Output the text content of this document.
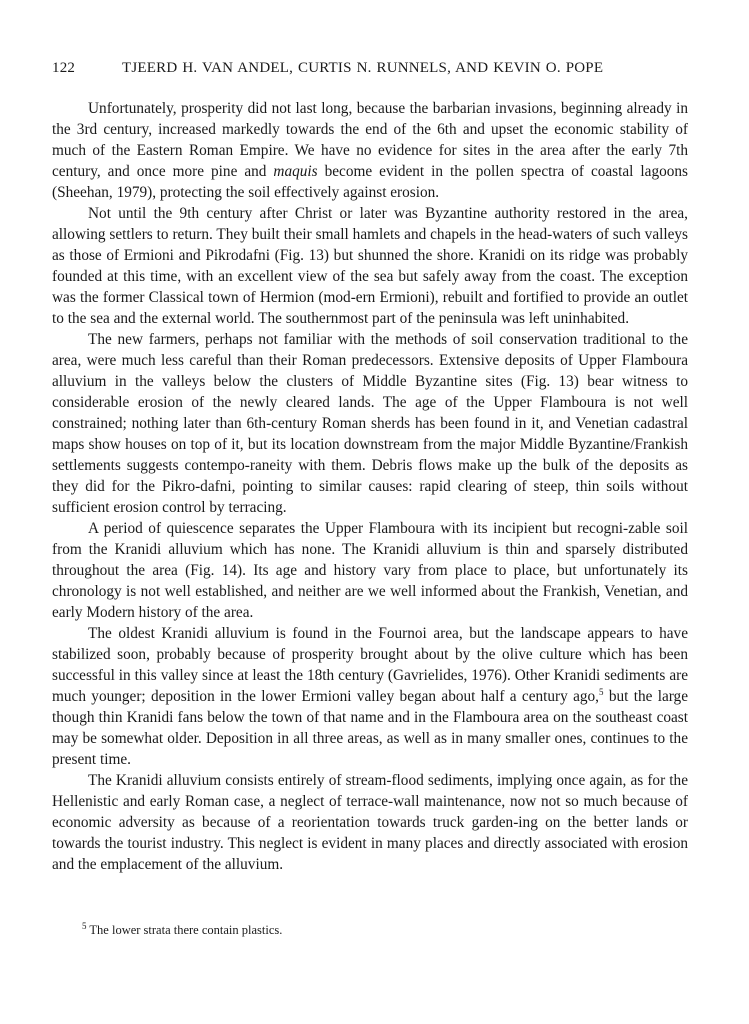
122	TJEERD H. VAN ANDEL, CURTIS N. RUNNELS, AND KEVIN O. POPE

Unfortunately, prosperity did not last long, because the barbarian invasions, beginning already in the 3rd century, increased markedly towards the end of the 6th and upset the economic stability of much of the Eastern Roman Empire. We have no evidence for sites in the area after the early 7th century, and once more pine and maquis become evident in the pollen spectra of coastal lagoons (Sheehan, 1979), protecting the soil effectively against erosion.

Not until the 9th century after Christ or later was Byzantine authority restored in the area, allowing settlers to return. They built their small hamlets and chapels in the head-waters of such valleys as those of Ermioni and Pikrodafni (Fig. 13) but shunned the shore. Kranidi on its ridge was probably founded at this time, with an excellent view of the sea but safely away from the coast. The exception was the former Classical town of Hermion (mod-ern Ermioni), rebuilt and fortified to provide an outlet to the sea and the external world. The southernmost part of the peninsula was left uninhabited.

The new farmers, perhaps not familiar with the methods of soil conservation traditional to the area, were much less careful than their Roman predecessors. Extensive deposits of Upper Flamboura alluvium in the valleys below the clusters of Middle Byzantine sites (Fig. 13) bear witness to considerable erosion of the newly cleared lands. The age of the Upper Flamboura is not well constrained; nothing later than 6th-century Roman sherds has been found in it, and Venetian cadastral maps show houses on top of it, but its location downstream from the major Middle Byzantine/Frankish settlements suggests contempo-raneity with them. Debris flows make up the bulk of the deposits as they did for the Pikro-dafni, pointing to similar causes: rapid clearing of steep, thin soils without sufficient erosion control by terracing.

A period of quiescence separates the Upper Flamboura with its incipient but recogni-zable soil from the Kranidi alluvium which has none. The Kranidi alluvium is thin and sparsely distributed throughout the area (Fig. 14). Its age and history vary from place to place, but unfortunately its chronology is not well established, and neither are we well informed about the Frankish, Venetian, and early Modern history of the area.

The oldest Kranidi alluvium is found in the Fournoi area, but the landscape appears to have stabilized soon, probably because of prosperity brought about by the olive culture which has been successful in this valley since at least the 18th century (Gavrielides, 1976). Other Kranidi sediments are much younger; deposition in the lower Ermioni valley began about half a century ago,$^5$ but the large though thin Kranidi fans below the town of that name and in the Flamboura area on the southeast coast may be somewhat older. Deposition in all three areas, as well as in many smaller ones, continues to the present time.

The Kranidi alluvium consists entirely of stream-flood sediments, implying once again, as for the Hellenistic and early Roman case, a neglect of terrace-wall maintenance, now not so much because of economic adversity as because of a reorientation towards truck garden-ing on the better lands or towards the tourist industry. This neglect is evident in many places and directly associated with erosion and the emplacement of the alluvium.

$^5$ The lower strata there contain plastics.
